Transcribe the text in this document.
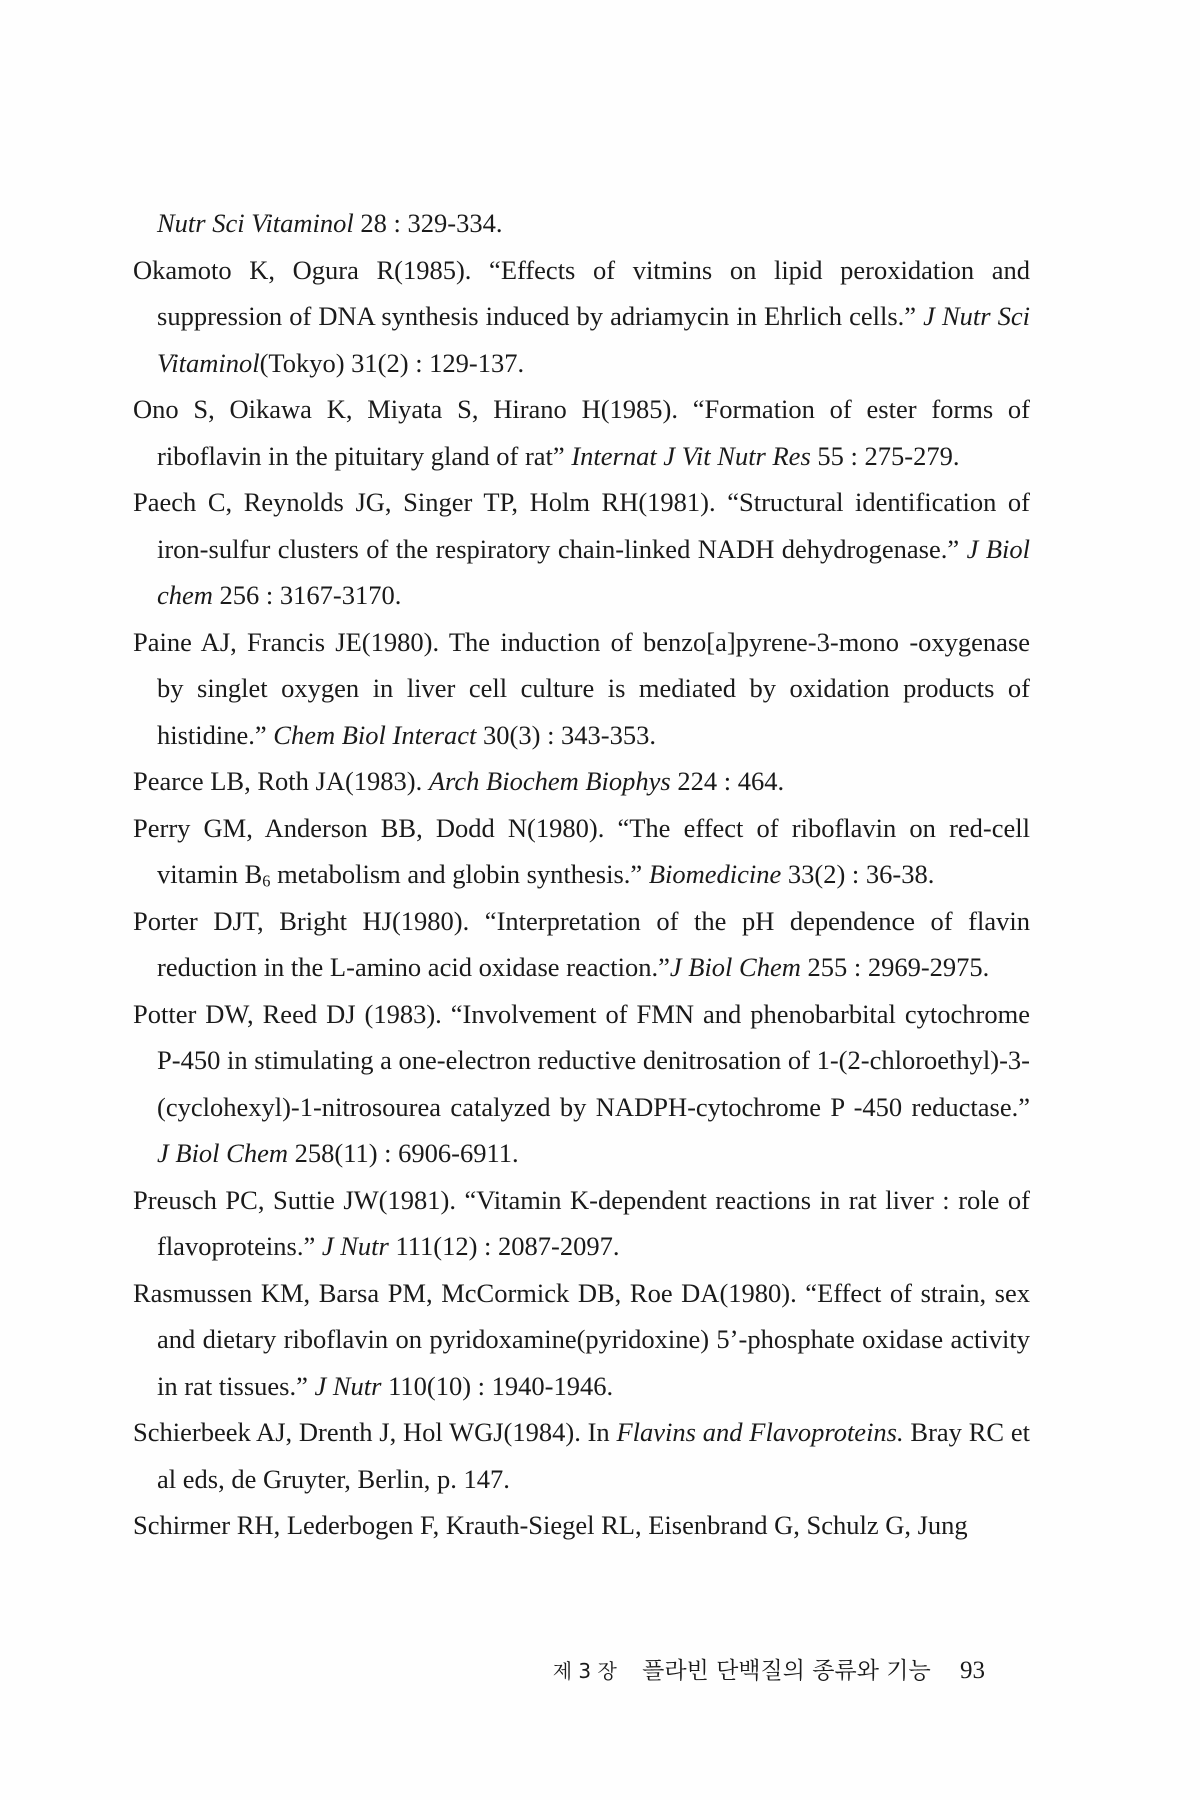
Nutr Sci Vitaminol 28 : 329-334.
Okamoto K, Ogura R(1985). “Effects of vitmins on lipid peroxidation and suppression of DNA synthesis induced by adriamycin in Ehrlich cells.” J Nutr Sci Vitaminol(Tokyo) 31(2) : 129-137.
Ono S, Oikawa K, Miyata S, Hirano H(1985). “Formation of ester forms of riboflavin in the pituitary gland of rat” Internat J Vit Nutr Res 55 : 275-279.
Paech C, Reynolds JG, Singer TP, Holm RH(1981). “Structural identification of iron-sulfur clusters of the respiratory chain-linked NADH dehydrogenase.” J Biol chem 256 : 3167-3170.
Paine AJ, Francis JE(1980). The induction of benzo[a]pyrene-3-mono -oxygenase by singlet oxygen in liver cell culture is mediated by oxidation products of histidine.” Chem Biol Interact 30(3) : 343-353.
Pearce LB, Roth JA(1983). Arch Biochem Biophys 224 : 464.
Perry GM, Anderson BB, Dodd N(1980). “The effect of riboflavin on red-cell vitamin $B_6$ metabolism and globin synthesis.” Biomedicine 33(2) : 36-38.
Porter DJT, Bright HJ(1980). “Interpretation of the pH dependence of flavin reduction in the L-amino acid oxidase reaction.”J Biol Chem 255 : 2969-2975.
Potter DW, Reed DJ (1983). “Involvement of FMN and phenobarbital cytochrome P-450 in stimulating a one-electron reductive denitrosation of 1-(2-chloroethyl)-3-(cyclohexyl)-1-nitrosourea catalyzed by NADPH-cytochrome P -450 reductase.” J Biol Chem 258(11) : 6906-6911.
Preusch PC, Suttie JW(1981). “Vitamin K-dependent reactions in rat liver : role of flavoproteins.” J Nutr 111(12) : 2087-2097.
Rasmussen KM, Barsa PM, McCormick DB, Roe DA(1980). “Effect of strain, sex and dietary riboflavin on pyridoxamine(pyridoxine) 5’-phosphate oxidase activity in rat tissues.” J Nutr 110(10) : 1940-1946.
Schierbeek AJ, Drenth J, Hol WGJ(1984). In Flavins and Flavoproteins. Bray RC et al eds, de Gruyter, Berlin, p. 147.
Schirmer RH, Lederbogen F, Krauth-Siegel RL, Eisenbrand G, Schulz G, Jung
제 3 장 플라빈 단백질의 종류와 기능 93
